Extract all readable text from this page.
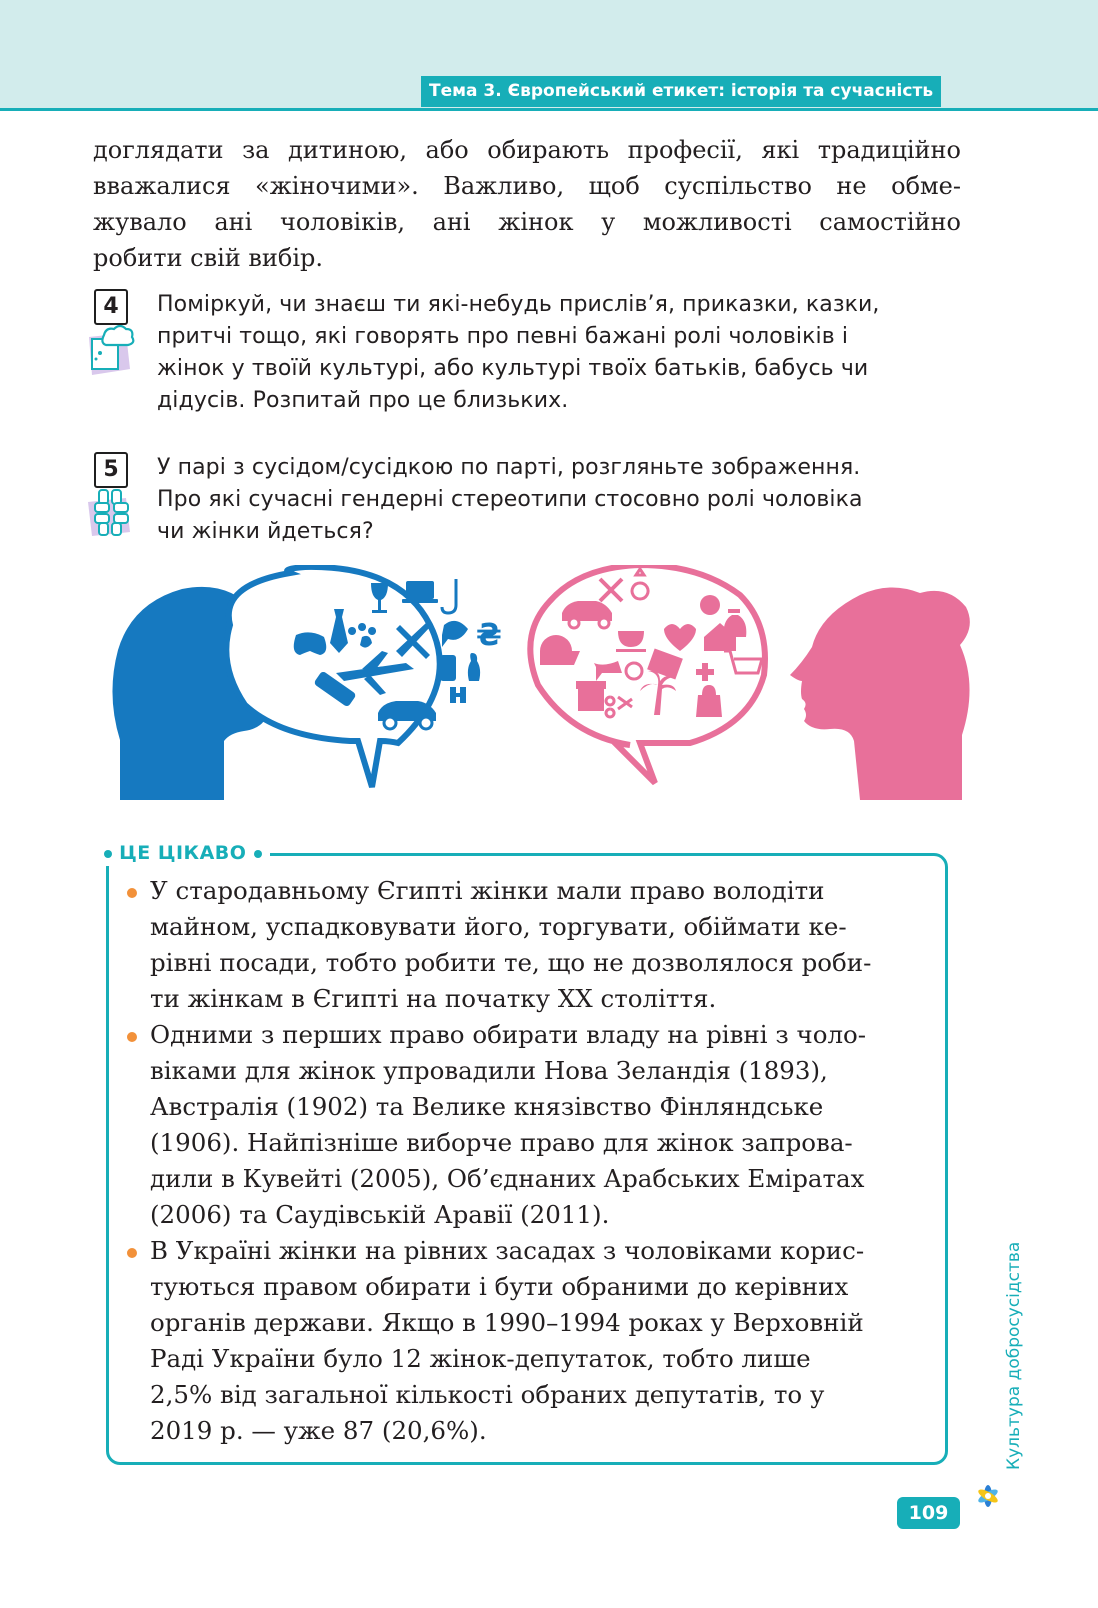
Тема 3. Європейський етикет: історія та сучасність

доглядати за дитиною, або обирають професії, які традиційно

вважалися «жіночими». Важливо, щоб суспільство не обме-

жувало ані чоловіків, ані жінок у можливості самостійно

робити свій вибір.

4	Поміркуй, чи знаєш ти які-небудь прислів’я, приказки, казки,

притчі тощо, які говорять про певні бажані ролі чоловіків і

жінок у твоїй культурі, або культурі твоїх батьків, бабусь чи

дідусів. Розпитай про це близьких.

5	У парі з сусідом/сусідкою по парті, розгляньте зображення.

Про які сучасні гендерні стереотипи стосовно ролі чоловіка

чи жінки йдеться?

₴
ЦЕ ЦІКАВО
У стародавньому Єгипті жінки мали право володіти
майном, успадковувати його, торгувати, обіймати ке-
рівні посади, тобто робити те, що не дозволялося роби-
ти жінкам в Єгипті на початку ХХ століття.
Одними з перших право обирати владу на рівні з чоло-
віками для жінок упровадили Нова Зеландія (1893),
Австралія (1902) та Велике князівство Фінляндське
(1906). Найпізніше виборче право для жінок запрова-
дили в Кувейті (2005), Об’єднаних Арабських Еміратах
(2006) та Саудівській Аравії (2011).
В Україні жінки на рівних засадах з чоловіками корис-
туються правом обирати і бути обраними до керівних
органів держави. Якщо в 1990–1994 роках у Верховній
Раді України було 12 жінок-депутаток, тобто лише
2,5% від загальної кількості обраних депутатів, то у
2019 р. — уже 87 (20,6%).
109
Культура добросусідства
